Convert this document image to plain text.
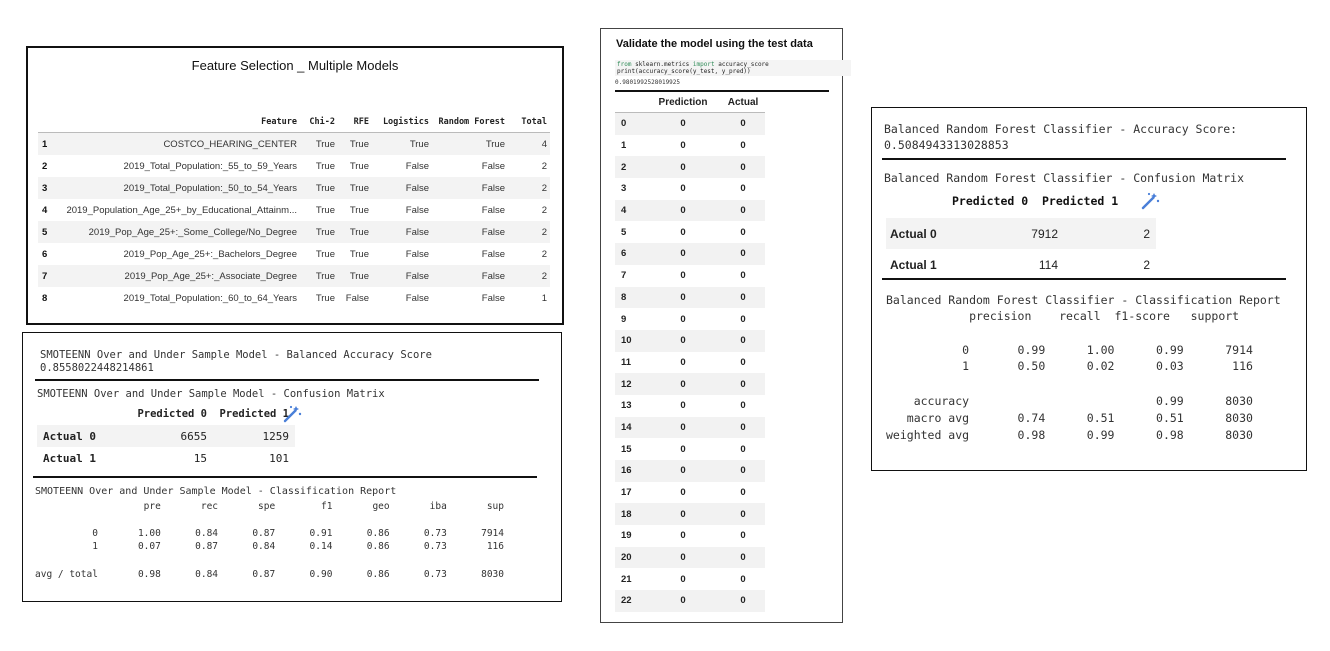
Feature Selection _ Multiple Models
	Feature	Chi-2	RFE	Logistics	Random Forest	Total
1	COSTCO_HEARING_CENTER	True	True	True	True	4
2	2019_Total_Population:_55_to_59_Years	True	True	False	False	2
3	2019_Total_Population:_50_to_54_Years	True	True	False	False	2
4	2019_Population_Age_25+_by_Educational_Attainm...	True	True	False	False	2
5	2019_Pop_Age_25+:_Some_College/No_Degree	True	True	False	False	2
6	2019_Pop_Age_25+:_Bachelors_Degree	True	True	False	False	2
7	2019_Pop_Age_25+:_Associate_Degree	True	True	False	False	2
8	2019_Total_Population:_60_to_64_Years	True	False	False	False	1
SMOTEENN Over and Under Sample Model - Balanced Accuracy Score
0.8558022448214861
SMOTEENN Over and Under Sample Model - Confusion Matrix
	Predicted 0	Predicted 1
Actual 0	6655	1259
Actual 1	15	101
SMOTEENN Over and Under Sample Model - Classification Report
pre       rec       spe        f1       geo       iba       sup
0       1.00      0.84      0.87      0.91      0.86      0.73      7914
1       0.07      0.87      0.84      0.14      0.86      0.73       116
avg / total       0.98      0.84      0.87      0.90      0.86      0.73      8030
Validate the model using the test data
from sklearn.metrics import accuracy_score
print(accuracy_score(y_test, y_pred))
0.9801992528019925
	Prediction	Actual
0	0	0
1	0	0
2	0	0
3	0	0
4	0	0
5	0	0
6	0	0
7	0	0
8	0	0
9	0	0
10	0	0
11	0	0
12	0	0
13	0	0
14	0	0
15	0	0
16	0	0
17	0	0
18	0	0
19	0	0
20	0	0
21	0	0
22	0	0
Balanced Random Forest Classifier - Accuracy Score:
0.5084943313028853
Balanced Random Forest Classifier - Confusion Matrix
Predicted 0  Predicted 1
Actual 0	7912	2
Actual 1	114	2
Balanced Random Forest Classifier - Classification Report
precision    recall  f1-score   support
0       0.99      1.00      0.99      7914
1       0.50      0.02      0.03       116
accuracy                           0.99      8030
macro avg       0.74      0.51      0.51      8030
weighted avg       0.98      0.99      0.98      8030
